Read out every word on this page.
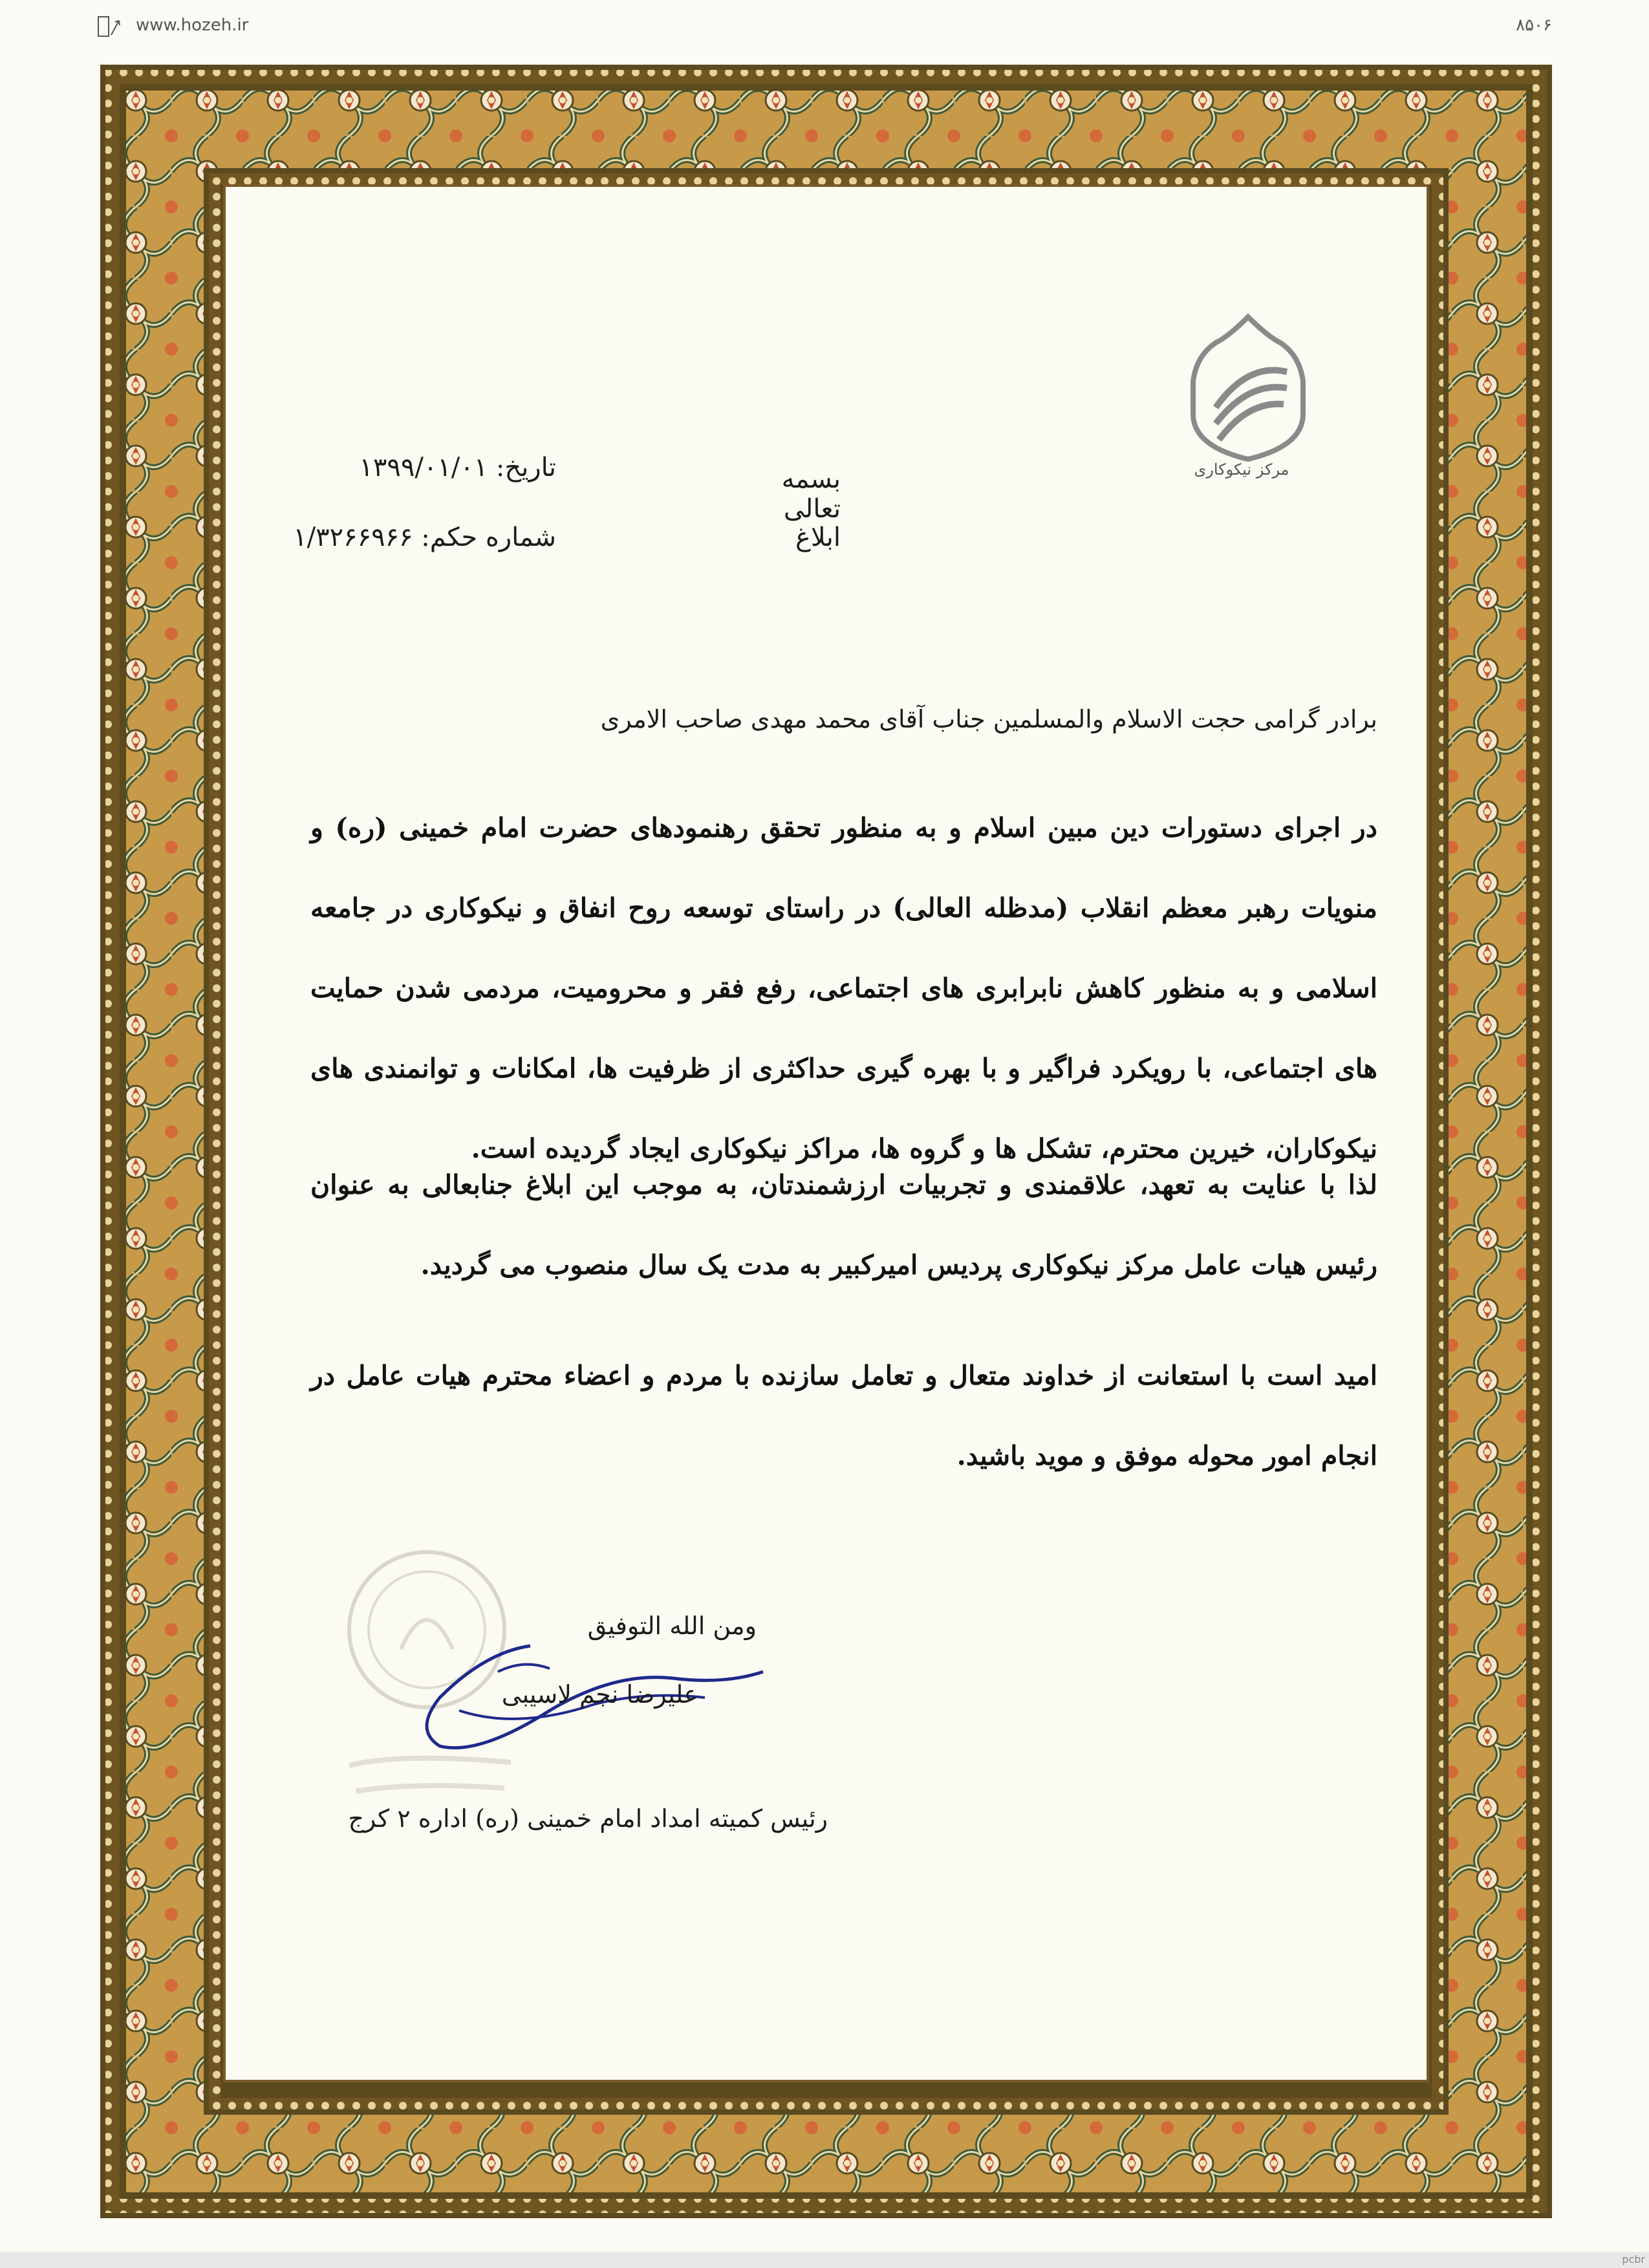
www.hozeh.ir	۸۵۰۶
مرکز نیکوکاری
بسمه تعالی
ابلاغ
تاریخ: ۱۳۹۹/۰۱/۰۱
شماره حکم: ۱/۳۲۶۶۹۶۶
برادر گرامی حجت الاسلام والمسلمین جناب آقای محمد مهدی صاحب الامری
در اجرای دستورات دین مبین اسلام و به منظور تحقق رهنمودهای حضرت امام خمینی (ره) و منویات رهبر معظم انقلاب (مدظله العالی) در راستای توسعه روح انفاق و نیکوکاری در جامعه اسلامی و به منظور کاهش نابرابری های اجتماعی، رفع فقر و محرومیت، مردمی شدن حمایت های اجتماعی، با رویکرد فراگیر و با بهره گیری حداکثری از ظرفیت ها، امکانات و توانمندی های نیکوکاران، خیرین محترم، تشکل ها و گروه ها، مراکز نیکوکاری ایجاد گردیده است.
لذا با عنایت به تعهد، علاقمندی و تجربیات ارزشمندتان، به موجب این ابلاغ جنابعالی به عنوان رئیس هیات عامل مرکز نیکوکاری پردیس امیرکبیر به مدت یک سال منصوب می گردید.
امید است با استعانت از خداوند متعال و تعامل سازنده با مردم و اعضاء محترم هیات عامل در انجام امور محوله موفق و موید باشید.
ومن الله التوفیق
علیرضا نجم لاسیبی
رئیس کمیته امداد امام خمینی (ره) اداره ۲ کرج
pcbr
